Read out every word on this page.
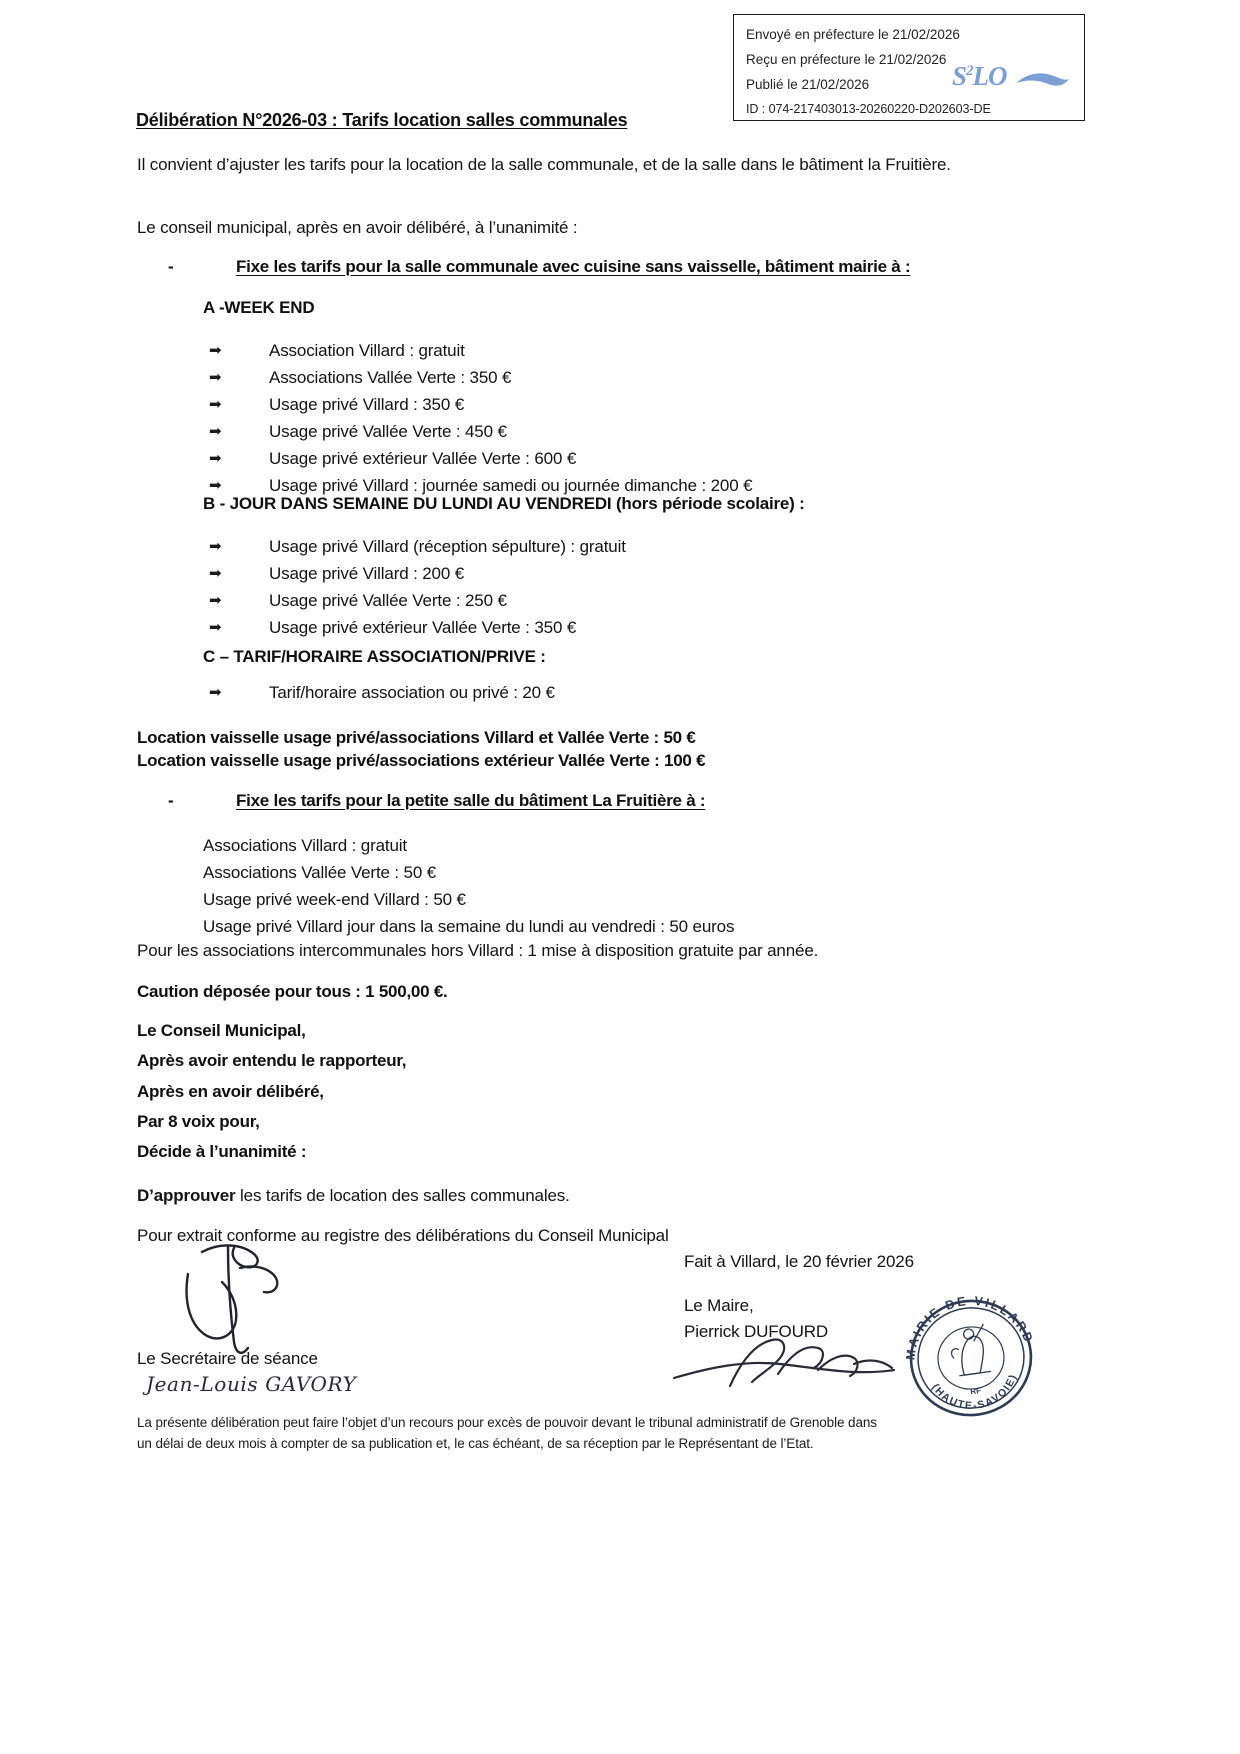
Envoyé en préfecture le 21/02/2026
Reçu en préfecture le 21/02/2026
Publié le 21/02/2026
ID : 074-217403013-20260220-D202603-DE
$S^2LO$
Délibération N°2026-03 : Tarifs location salles communales

Il convient d’ajuster les tarifs pour la location de la salle communale, et de la salle dans le bâtiment la Fruitière.

Le conseil municipal, après en avoir délibéré, à l’unanimité :

-	Fixe les tarifs pour la salle communale avec cuisine sans vaisselle, bâtiment mairie à :
A -WEEK END
➡	Association Villard : gratuit
➡	Associations Vallée Verte : 350 €
➡	Usage privé Villard : 350 €
➡	Usage privé Vallée Verte : 450 €
➡	Usage privé extérieur Vallée Verte : 600 €
➡	Usage privé Villard : journée samedi ou journée dimanche : 200 €
B - JOUR DANS SEMAINE DU LUNDI AU VENDREDI (hors période scolaire) :
➡	Usage privé Villard (réception sépulture) : gratuit
➡	Usage privé Villard : 200 €
➡	Usage privé Vallée Verte : 250 €
➡	Usage privé extérieur Vallée Verte : 350 €
C – TARIF/HORAIRE ASSOCIATION/PRIVE :
➡	Tarif/horaire association ou privé : 20 €
Location vaisselle usage privé/associations Villard et Vallée Verte : 50 €
Location vaisselle usage privé/associations extérieur Vallée Verte : 100 €
-	Fixe les tarifs pour la petite salle du bâtiment La Fruitière à :
Associations Villard : gratuit
Associations Vallée Verte : 50 €
Usage privé week-end Villard : 50 €
Usage privé Villard jour dans la semaine du lundi au vendredi : 50 euros
Pour les associations intercommunales hors Villard : 1 mise à disposition gratuite par année.
Caution déposée pour tous : 1 500,00 €.
Le Conseil Municipal,
Après avoir entendu le rapporteur,
Après en avoir délibéré,
Par 8 voix pour,
Décide à l’unanimité :
D’approuver les tarifs de location des salles communales.
Pour extrait conforme au registre des délibérations du Conseil Municipal
Fait à Villard, le 20 février 2026
Le Maire,
Pierrick DUFOURD
Le Secrétaire de séance
Jean-Louis GAVORY
MAIRIE DE VILLARD
(HAUTE-SAVOIE)
RF
La présente délibération peut faire l’objet d’un recours pour excès de pouvoir devant le tribunal administratif de Grenoble dans
un délai de deux mois à compter de sa publication et, le cas échéant, de sa réception par le Représentant de l’Etat.
